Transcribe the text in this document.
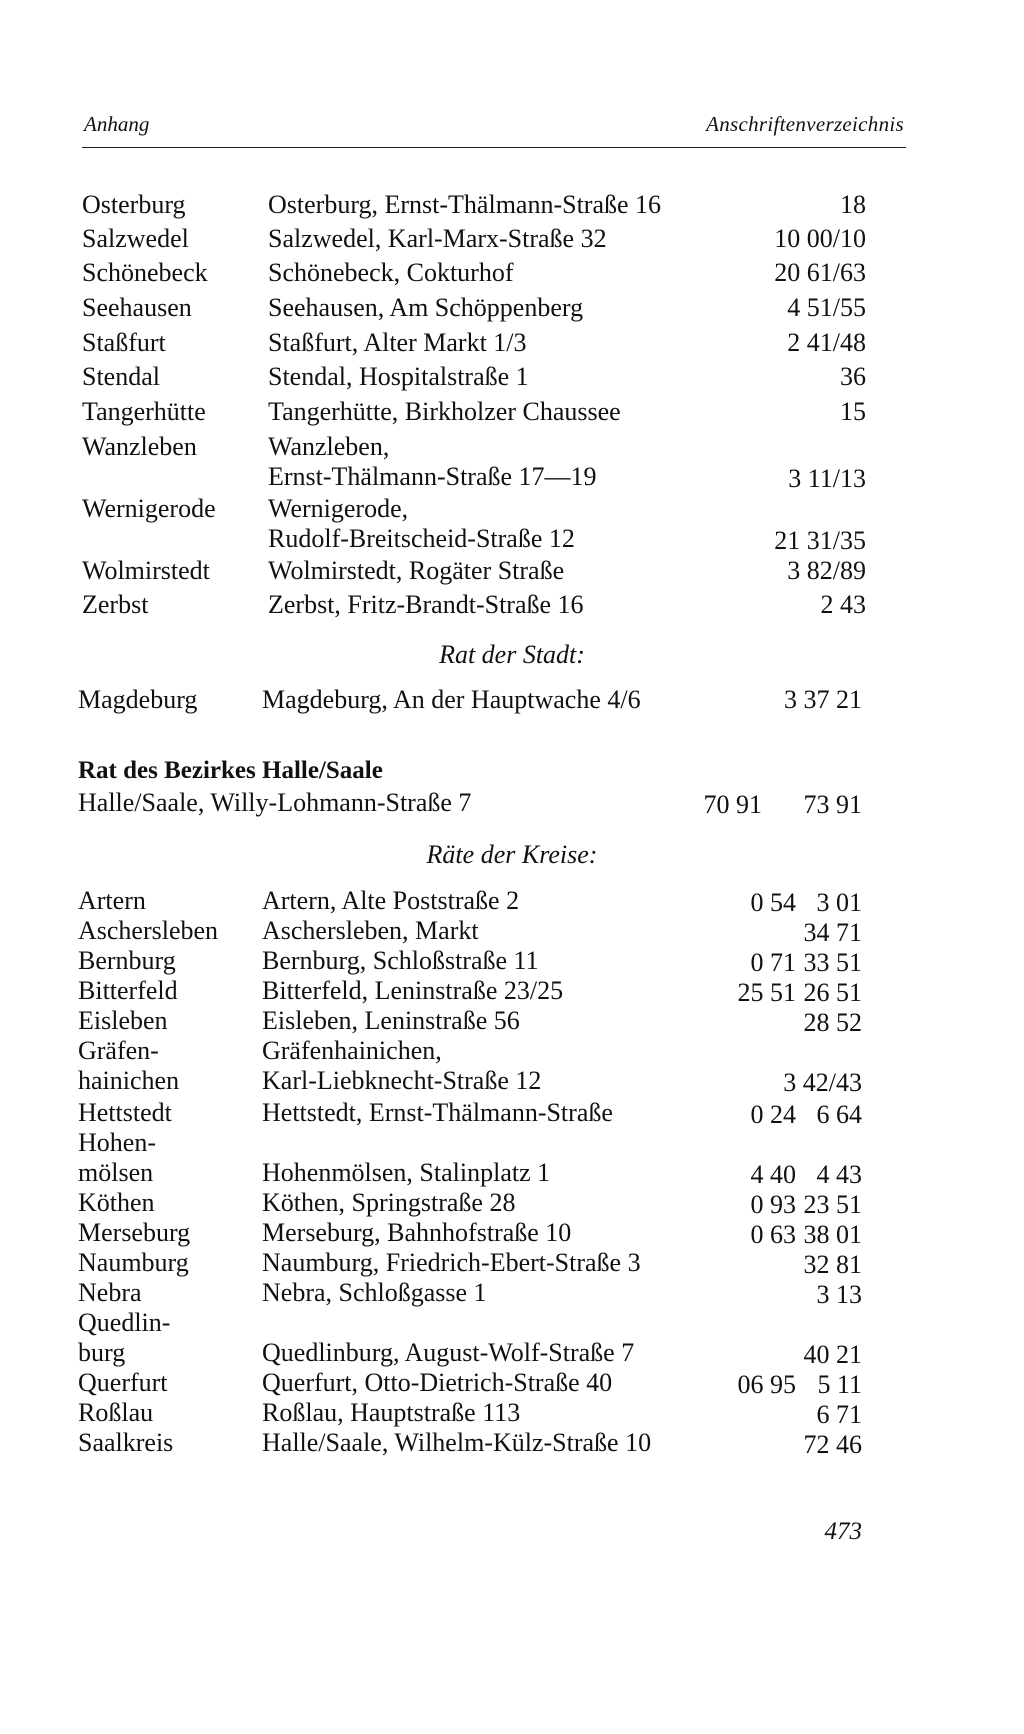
Anhang	Anschriftenverzeichnis
Osterburg	Osterburg, Ernst-Thälmann-Straße 16	18
Salzwedel	Salzwedel, Karl-Marx-Straße 32	10 00/10
Schönebeck Schönebeck, Cokturhof	20 61/63
Seehausen	Seehausen, Am Schöppenberg	4 51/55
Staßfurt	Staßfurt, Alter Markt 1/3	2 41/48
Stendal	Stendal, Hospitalstraße 1	36
Tangerhütte Tangerhütte, Birkholzer Chaussee	15
Wanzleben	Wanzleben,
Ernst-Thälmann-Straße 17—19	3 11/13
Wernigerode Wernigerode,
Rudolf-Breitscheid-Straße 12	21 31/35
Wolmirstedt Wolmirstedt, Rogäter Straße	3 82/89
Zerbst	Zerbst, Fritz-Brandt-Straße 16	2 43
Rat der Stadt:
Magdeburg Magdeburg, An der Hauptwache 4/6	3 37 21
Rat des Bezirkes Halle/Saale
Halle/Saale, Willy-Lohmann-Straße 7	70 91 73 91
Räte der Kreise:
Artern	Artern, Alte Poststraße 2	0 54 3 01
Aschersleben Aschersleben, Markt	34 71
Bernburg	Bernburg, Schloßstraße 11	0 71 33 51
Bitterfeld	Bitterfeld, Leninstraße 23/25	25 51 26 51
Eisleben	Eisleben, Leninstraße 56	28 52
Gräfen-	Gräfenhainichen,
hainichen	Karl-Liebknecht-Straße 12	3 42/43
Hettstedt	Hettstedt, Ernst-Thälmann-Straße	0 24 6 64
Hohen-
mölsen	Hohenmölsen, Stalinplatz 1	4 40 4 43
Köthen	Köthen, Springstraße 28	0 93 23 51
Merseburg	Merseburg, Bahnhofstraße 10	0 63 38 01
Naumburg	Naumburg, Friedrich-Ebert-Straße 3	32 81
Nebra	Nebra, Schloßgasse 1	3 13
Quedlin-
burg	Quedlinburg, August-Wolf-Straße 7	40 21
Querfurt	Querfurt, Otto-Dietrich-Straße 40	06 95 5 11
Roßlau	Roßlau, Hauptstraße 113	6 71
Saalkreis	Halle/Saale, Wilhelm-Külz-Straße 10	72 46
473
